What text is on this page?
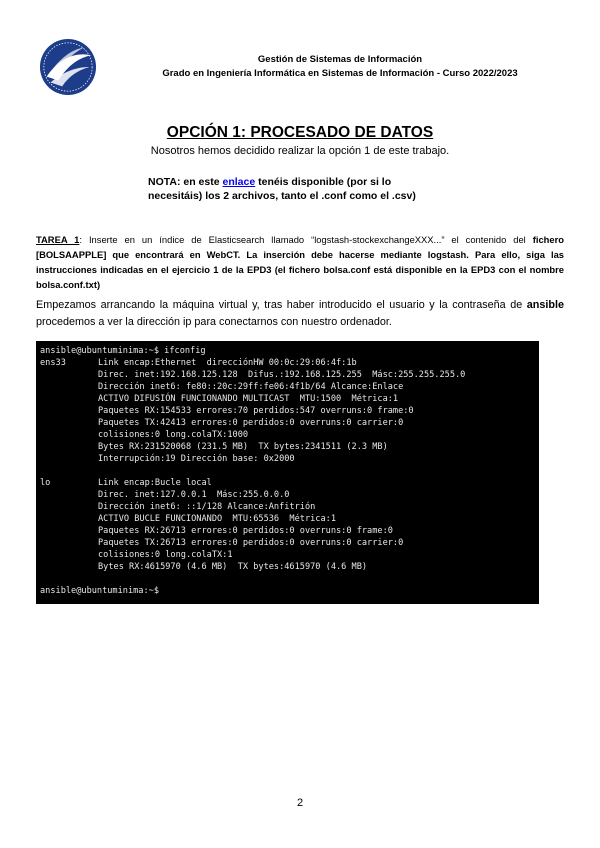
Gestión de Sistemas de Información
Grado en Ingeniería Informática en Sistemas de Información - Curso 2022/2023
OPCIÓN 1: PROCESADO DE DATOS
Nosotros hemos decidido realizar la opción 1 de este trabajo.
NOTA: en este enlace tenéis disponible (por si lo necesitáis) los 2 archivos, tanto el .conf como el .csv)
TAREA 1: Inserte en un índice de Elasticsearch llamado “logstash-stockexchangeXXX...” el contenido del fichero [BOLSAAPPLE] que encontrará en WebCT. La inserción debe hacerse mediante logstash. Para ello, siga las instrucciones indicadas en el ejercicio 1 de la EPD3 (el fichero bolsa.conf está disponible en la EPD3 con el nombre bolsa.conf.txt)
Empezamos arrancando la máquina virtual y, tras haber introducido el usuario y la contraseña de ansible procedemos a ver la dirección ip para conectarnos con nuestro ordenador.
ansible@ubuntuminima:~$ ifconfig
ens33	Link encap:Ethernet  direcciónHW 00:0c:29:06:4f:1b
Direc. inet:192.168.125.128  Difus.:192.168.125.255  Másc:255.255.255.0
Dirección inet6: fe80::20c:29ff:fe06:4f1b/64 Alcance:Enlace
ACTIVO DIFUSIÓN FUNCIONANDO MULTICAST  MTU:1500  Métrica:1
Paquetes RX:154533 errores:70 perdidos:547 overruns:0 frame:0
Paquetes TX:42413 errores:0 perdidos:0 overruns:0 carrier:0
colisiones:0 long.colaTX:1000
Bytes RX:231520068 (231.5 MB)  TX bytes:2341511 (2.3 MB)
Interrupción:19 Dirección base: 0x2000
lo	Link encap:Bucle local
Direc. inet:127.0.0.1  Másc:255.0.0.0
Dirección inet6: ::1/128 Alcance:Anfitrión
ACTIVO BUCLE FUNCIONANDO  MTU:65536  Métrica:1
Paquetes RX:26713 errores:0 perdidos:0 overruns:0 frame:0
Paquetes TX:26713 errores:0 perdidos:0 overruns:0 carrier:0
colisiones:0 long.colaTX:1
Bytes RX:4615970 (4.6 MB)  TX bytes:4615970 (4.6 MB)
ansible@ubuntuminima:~$
2
